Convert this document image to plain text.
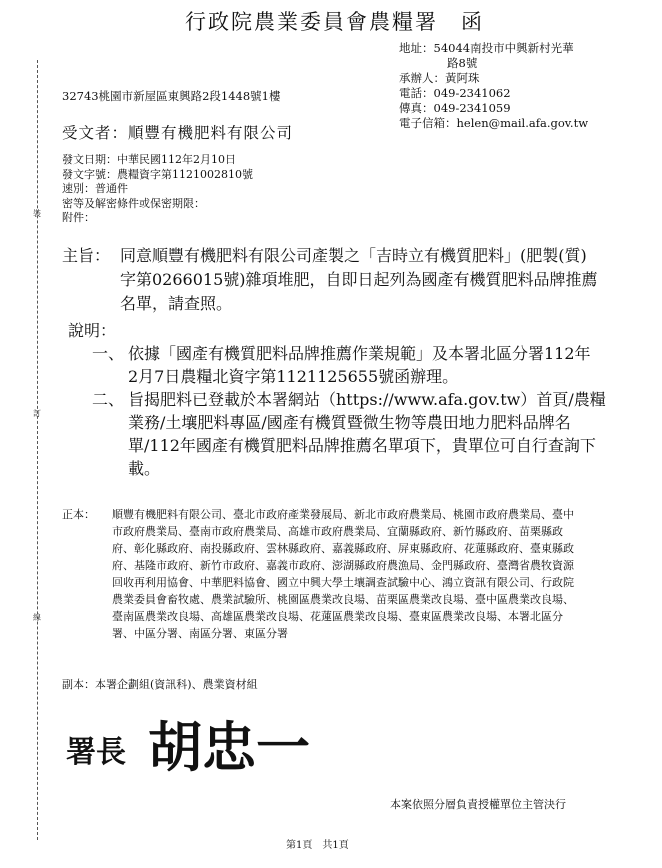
裝
訂
線
行政院農業委員會農糧署　函
地址：54044南投市中興新村光華
路8號
承辦人：黃阿珠
電話：049-2341062
傳真：049-2341059
電子信箱：helen@mail.afa.gov.tw
32743桃園市新屋區東興路2段1448號1樓
受文者：順豐有機肥料有限公司
發文日期：中華民國112年2月10日
發文字號：農糧資字第1121002810號
速別：普通件
密等及解密條件或保密期限：
附件：
主旨： 同意順豐有機肥料有限公司產製之「吉時立有機質肥料」(肥製(質)字第0266015號)雜項堆肥，自即日起列為國產有機質肥料品牌推薦名單，請查照。
說明：
一、 依據「國產有機質肥料品牌推薦作業規範」及本署北區分署112年2月7日農糧北資字第1121125655號函辦理。
二、 旨揭肥料已登載於本署網站（https://www.afa.gov.tw）首頁/農糧業務/土壤肥料專區/國產有機質暨微生物等農田地力肥料品牌名單/112年國產有機質肥料品牌推薦名單項下，貴單位可自行查詢下載。
正本： 順豐有機肥料有限公司、臺北市政府產業發展局、新北市政府農業局、桃園市政府農業局、臺中市政府農業局、臺南市政府農業局、高雄市政府農業局、宜蘭縣政府、新竹縣政府、苗栗縣政府、彰化縣政府、南投縣政府、雲林縣政府、嘉義縣政府、屏東縣政府、花蓮縣政府、臺東縣政府、基隆市政府、新竹市政府、嘉義市政府、澎湖縣政府農漁局、金門縣政府、臺灣省農牧資源回收再利用協會、中華肥料協會、國立中興大學土壤調查試驗中心、鴻立資訊有限公司、行政院農業委員會畜牧處、農業試驗所、桃園區農業改良場、苗栗區農業改良場、臺中區農業改良場、臺南區農業改良場、高雄區農業改良場、花蓮區農業改良場、臺東區農業改良場、本署北區分署、中區分署、南區分署、東區分署
副本：本署企劃組(資訊科)、農業資材組
署長 胡忠一
本案依照分層負責授權單位主管決行
第1頁　共1頁
